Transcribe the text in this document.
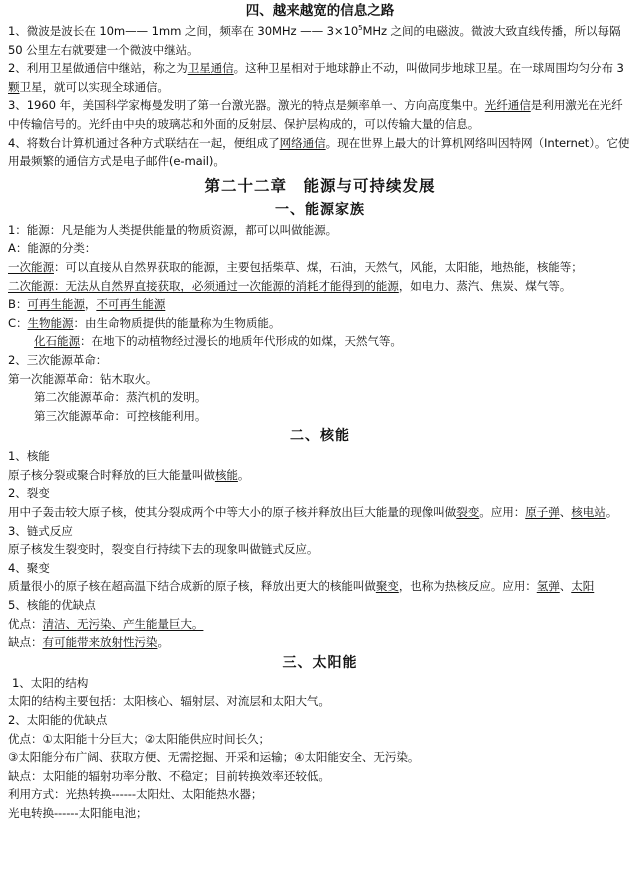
四、越来越宽的信息之路

1、微波是波长在 10m—— 1mm 之间，频率在 30MHz —— $3\times 10^5MHz$ 之间的电磁波。微波大致直线传播，所以每隔 50 公里左右就要建一个微波中继站。

2、利用卫星做通信中继站，称之为卫星通信。这种卫星相对于地球静止不动，叫做同步地球卫星。在一球周围均匀分布 3颗卫星，就可以实现全球通信。

3、1960 年，美国科学家梅曼发明了第一台激光器。激光的特点是频率单一、方向高度集中。光纤通信是利用激光在光纤中传输信号的。光纤由中央的玻璃芯和外面的反射层、保护层构成的，可以传输大量的信息。

4、将数台计算机通过各种方式联结在一起，便组成了网络通信。现在世界上最大的计算机网络叫因特网（Internet）。它使用最频繁的通信方式是电子邮件(e-mail)。

第二十二章　能源与可持续发展

一、能源家族

1：能源：凡是能为人类提供能量的物质资源，都可以叫做能源。

A：能源的分类：

一次能源：可以直接从自然界获取的能源，主要包括柴草、煤，石油，天然气，风能，太阳能，地热能，核能等；

二次能源：无法从自然界直接获取，必须通过一次能源的消耗才能得到的能源，如电力、蒸汽、焦炭、煤气等。

B：可再生能源，不可再生能源

C：生物能源：由生命物质提供的能量称为生物质能。

化石能源：在地下的动植物经过漫长的地质年代形成的如煤，天然气等。

2、三次能源革命：

第一次能源革命：钻木取火。

第二次能源革命：蒸汽机的发明。

第三次能源革命：可控核能利用。

二、核能

1、核能

原子核分裂或聚合时释放的巨大能量叫做核能。

2、裂变

用中子轰击较大原子核，使其分裂成两个中等大小的原子核并释放出巨大能量的现像叫做裂变。应用：原子弹、核电站。

3、链式反应

原子核发生裂变时，裂变自行持续下去的现象叫做链式反应。

4、聚变

质量很小的原子核在超高温下结合成新的原子核，释放出更大的核能叫做聚变，也称为热核反应。应用：氢弹、太阳

5、核能的优缺点

优点：清洁、无污染、产生能量巨大。

缺点：有可能带来放射性污染。

三、太阳能

1、太阳的结构

太阳的结构主要包括：太阳核心、辐射层、对流层和太阳大气。

2、太阳能的优缺点

优点：①太阳能十分巨大；②太阳能供应时间长久；

③太阳能分布广阔、获取方便、无需挖掘、开采和运输；④太阳能安全、无污染。

缺点：太阳能的辐射功率分散、不稳定；目前转换效率还较低。

利用方式：光热转换------太阳灶、太阳能热水器；

光电转换------太阳能电池；
